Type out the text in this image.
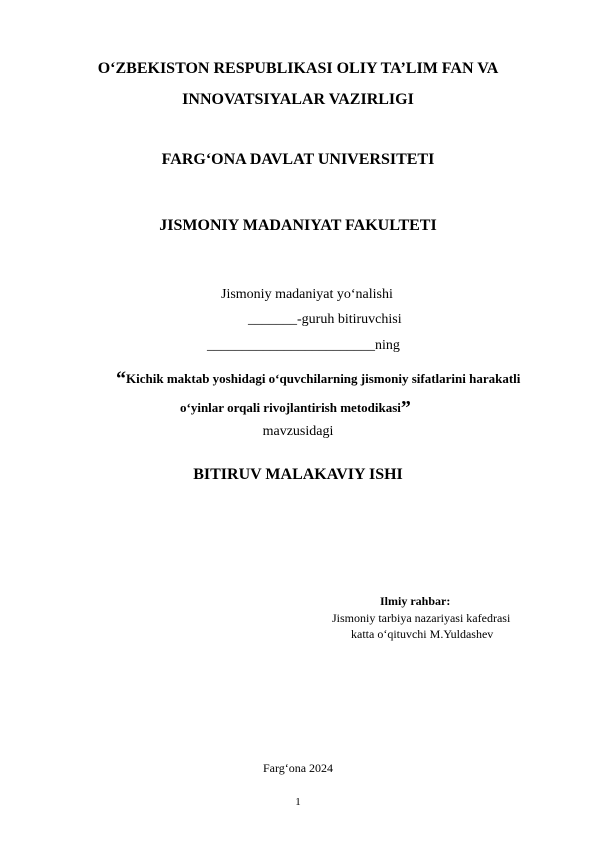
O‘ZBEKISTON RESPUBLIKASI OLIY TA’LIM FAN VA
INNOVATSIYALAR VAZIRLIGI
FARG‘ONA DAVLAT UNIVERSITETI
JISMONIY MADANIYAT FAKULTETI
Jismoniy madaniyat yo‘nalishi
_______-guruh bitiruvchisi
________________________ning
“Kichik maktab yoshidagi o‘quvchilarning jismoniy sifatlarini harakatli
o‘yinlar orqali rivojlantirish metodikasi”
mavzusidagi
BITIRUV MALAKAVIY ISHI
Ilmiy rahbar:
Jismoniy tarbiya nazariyasi kafedrasi
katta o‘qituvchi M.Yuldashev
Farg‘ona 2024
1
